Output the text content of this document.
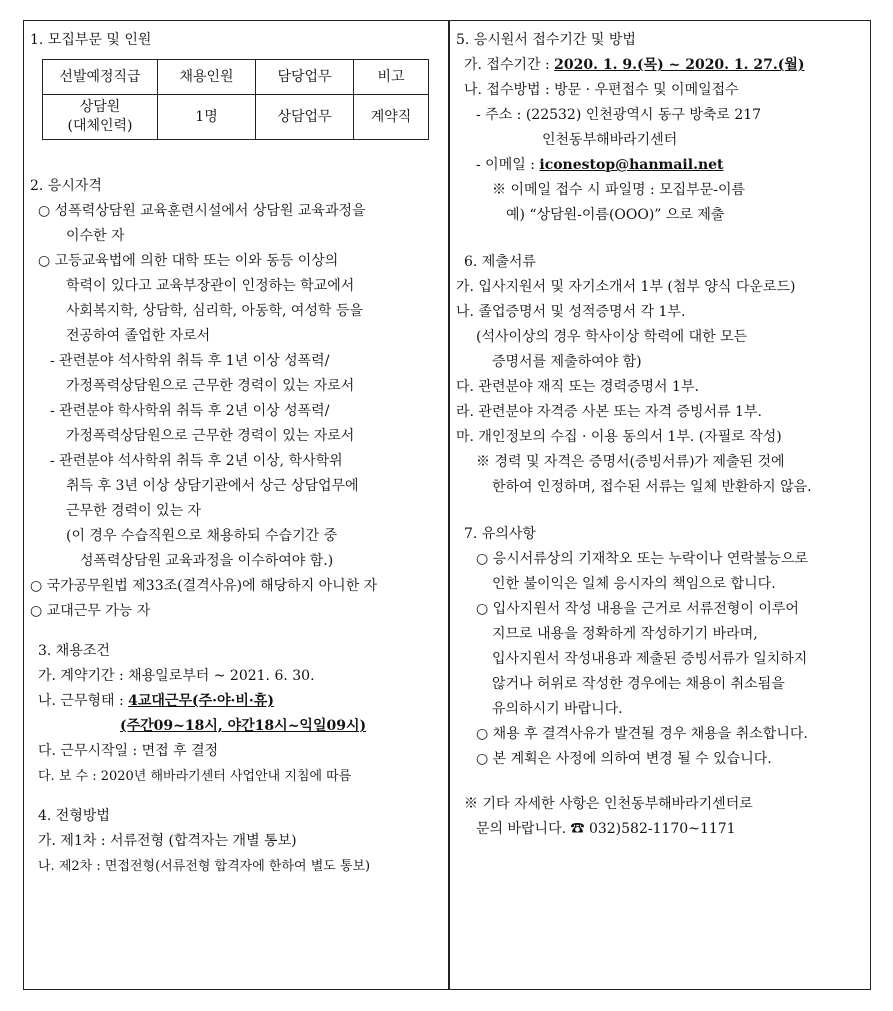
1. 모집부문 및 인원
선발예정직급	채용인원	담당업무	비고

상담원
(대체인력)	1명	상담업무	계약직
2. 응시자격
○ 성폭력상담원 교육훈련시설에서 상담원 교육과정을
이수한 자
○ 고등교육법에 의한 대학 또는 이와 동등 이상의
학력이 있다고 교육부장관이 인정하는 학교에서
사회복지학, 상담학, 심리학, 아동학, 여성학 등을
전공하여 졸업한 자로서
- 관련분야 석사학위 취득 후 1년 이상 성폭력/
가정폭력상담원으로 근무한 경력이 있는 자로서
- 관련분야 학사학위 취득 후 2년 이상 성폭력/
가정폭력상담원으로 근무한 경력이 있는 자로서
- 관련분야 석사학위 취득 후 2년 이상, 학사학위
취득 후 3년 이상 상담기관에서 상근 상담업무에
근무한 경력이 있는 자
(이 경우 수습직원으로 채용하되 수습기간 중
성폭력상담원 교육과정을 이수하여야 함.)
○ 국가공무원법 제33조(결격사유)에 해당하지 아니한 자
○ 교대근무 가능 자
3. 채용조건
가. 계약기간 : 채용일로부터 ~ 2021. 6. 30.
나. 근무형태 : 4교대근무(주·야·비·휴)
(주간09~18시, 야간18시~익일09시)
다. 근무시작일 : 면접 후 결정
다. 보 수 : 2020년 해바라기센터 사업안내 지침에 따름
4. 전형방법
가. 제1차 : 서류전형 (합격자는 개별 통보)
나. 제2차 : 면접전형(서류전형 합격자에 한하여 별도 통보)
5. 응시원서 접수기간 및 방법
가. 접수기간 : 2020. 1. 9.(목) ~ 2020. 1. 27.(월)
나. 접수방법 : 방문 · 우편접수 및 이메일접수
- 주소 : (22532) 인천광역시 동구 방축로 217
인천동부해바라기센터
- 이메일 : iconestop@hanmail.net
※ 이메일 접수 시 파일명 : 모집부문-이름
예) “상담원-이름(OOO)” 으로 제출
6. 제출서류
가. 입사지원서 및 자기소개서 1부 (첨부 양식 다운로드)
나. 졸업증명서 및 성적증명서 각 1부.
(석사이상의 경우 학사이상 학력에 대한 모든
증명서를 제출하여야 함)
다. 관련분야 재직 또는 경력증명서 1부.
라. 관련분야 자격증 사본 또는 자격 증빙서류 1부.
마. 개인정보의 수집 · 이용 동의서 1부. (자필로 작성)
※ 경력 및 자격은 증명서(증빙서류)가 제출된 것에
한하여 인정하며, 접수된 서류는 일체 반환하지 않음.
7. 유의사항
○ 응시서류상의 기재착오 또는 누락이나 연락불능으로
인한 불이익은 일체 응시자의 책임으로 합니다.
○ 입사지원서 작성 내용을 근거로 서류전형이 이루어
지므로 내용을 정확하게 작성하기기 바라며,
입사지원서 작성내용과 제출된 증빙서류가 일치하지
않거나 허위로 작성한 경우에는 채용이 취소됨을
유의하시기 바랍니다.
○ 채용 후 결격사유가 발견될 경우 채용을 취소합니다.
○ 본 계획은 사정에 의하여 변경 될 수 있습니다.
※ 기타 자세한 사항은 인천동부해바라기센터로
문의 바랍니다. ☎ 032)582-1170~1171
